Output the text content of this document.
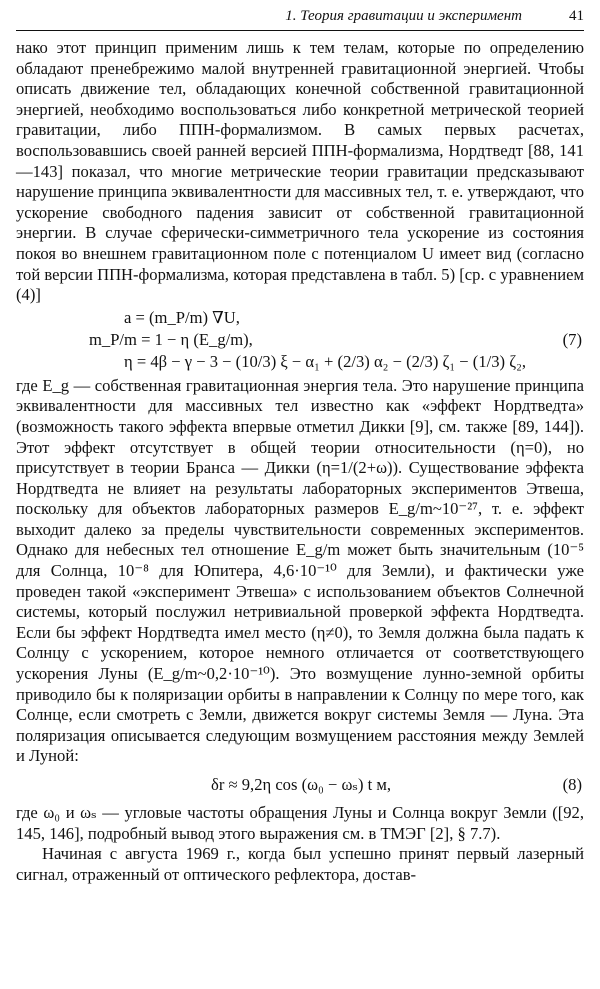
1. Теория гравитации и эксперимент	41

нако этот принцип применим лишь к тем телам, которые по определению обладают пренебрежимо малой внутренней гравитационной энергией. Чтобы описать движение тел, обладающих конечной собственной гравитационной энергией, необходимо воспользоваться либо конкретной метрической теорией гравитации, либо ППН-формализмом. В самых первых расчетах, воспользовавшись своей ранней версией ППН-формализма, Нордтведт [88, 141—143] показал, что многие метрические теории гравитации предсказывают нарушение принципа эквивалентности для массивных тел, т. е. утверждают, что ускорение свободного падения зависит от собственной гравитационной энергии. В случае сферически-симметричного тела ускорение из состояния покоя во внешнем гравитационном поле с потенциалом U имеет вид (согласно той версии ППН-формализма, которая представлена в табл. 5) [ср. с уравнением (4)]

a = (m_P/m) ∇U,
m_P/m = 1 − η (E_g/m),	(7)
η = 4β − γ − 3 − (10/3) ξ − α₁ + (2/3) α₂ − (2/3) ζ₁ − (1/3) ζ₂,

где E_g — собственная гравитационная энергия тела. Это нарушение принципа эквивалентности для массивных тел известно как «эффект Нордтведта» (возможность такого эффекта впервые отметил Дикки [9], см. также [89, 144]). Этот эффект отсутствует в общей теории относительности (η=0), но присутствует в теории Бранса — Дикки (η=1/(2+ω)). Существование эффекта Нордтведта не влияет на результаты лабораторных экспериментов Этвеша, поскольку для объектов лабораторных размеров E_g/m~10⁻²⁷, т. е. эффект выходит далеко за пределы чувствительности современных экспериментов. Однако для небесных тел отношение E_g/m может быть значительным (10⁻⁵ для Солнца, 10⁻⁸ для Юпитера, 4,6·10⁻¹⁰ для Земли), и фактически уже проведен такой «эксперимент Этвеша» с использованием объектов Солнечной системы, который послужил нетривиальной проверкой эффекта Нордтведта. Если бы эффект Нордтведта имел место (η≠0), то Земля должна была падать к Солнцу с ускорением, которое немного отличается от соответствующего ускорения Луны (E_g/m~0,2·10⁻¹⁰). Это возмущение лунно-земной орбиты приводило бы к поляризации орбиты в направлении к Солнцу по мере того, как Солнце, если смотреть с Земли, движется вокруг системы Земля — Луна. Эта поляризация описывается следующим возмущением расстояния между Землей и Луной:

δr ≈ 9,2η cos (ω₀ − ωₛ) t м,	(8)

где ω₀ и ωₛ — угловые частоты обращения Луны и Солнца вокруг Земли ([92, 145, 146], подробный вывод этого выражения см. в ТМЭГ [2], § 7.7).

Начиная с августа 1969 г., когда был успешно принят первый лазерный сигнал, отраженный от оптического рефлектора, достав-
